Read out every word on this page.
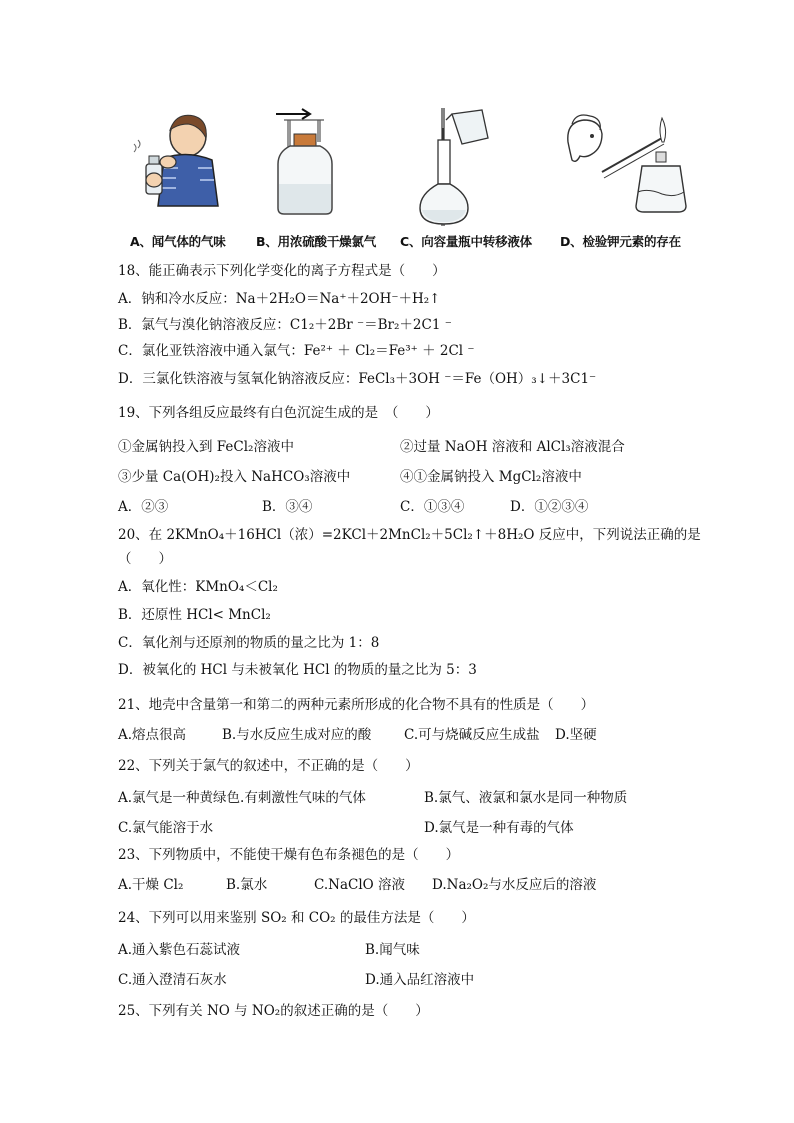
A、闻气体的气味 B、用浓硫酸干燥氯气 C、向容量瓶中转移液体 D、检验钾元素的存在
18、能正确表示下列化学变化的离子方程式是（　　）
A．钠和冷水反应：Na＋2H₂O＝Na⁺＋2OH⁻＋H₂↑
B．氯气与溴化钠溶液反应：C1₂＋2Br ⁻＝Br₂＋2C1 ⁻
C．氯化亚铁溶液中通入氯气：Fe²⁺ ＋ Cl₂＝Fe³⁺ ＋ 2Cl ⁻
D．三氯化铁溶液与氢氧化钠溶液反应：FeCl₃＋3OH ⁻＝Fe（OH）₃↓＋3C1⁻
19、下列各组反应最终有白色沉淀生成的是　（　　）
①金属钠投入到 FeCl₂溶液中	②过量 NaOH 溶液和 AlCl₃溶液混合
③少量 Ca(OH)₂投入 NaHCO₃溶液中	④①金属钠投入 MgCl₂溶液中
A．②③	B．③④	C．①③④	D．①②③④
20、在 2KMnO₄＋16HCl（浓）=2KCl＋2MnCl₂＋5Cl₂↑＋8H₂O 反应中，下列说法正确的是
（　　）
A．氧化性：KMnO₄＜Cl₂
B．还原性 HCl< MnCl₂
C．氧化剂与还原剂的物质的量之比为 1：8
D．被氧化的 HCl 与未被氧化 HCl 的物质的量之比为 5：3
21、地壳中含量第一和第二的两种元素所形成的化合物不具有的性质是（　　）
A.熔点很高	B.与水反应生成对应的酸 C.可与烧碱反应生成盐 D.坚硬
22、下列关于氯气的叙述中，不正确的是（　　）
A.氯气是一种黄绿色.有刺激性气味的气体	B.氯气、液氯和氯水是同一种物质
C.氯气能溶于水	D.氯气是一种有毒的气体
23、下列物质中，不能使干燥有色布条褪色的是（　　）
A.干燥 Cl₂	B.氯水	C.NaClO 溶液 D.Na₂O₂与水反应后的溶液
24、下列可以用来鉴别 SO₂ 和 CO₂ 的最佳方法是（　　）
A.通入紫色石蕊试液	B.闻气味
C.通入澄清石灰水	D.通入品红溶液中
25、下列有关 NO 与 NO₂的叙述正确的是（　　）
